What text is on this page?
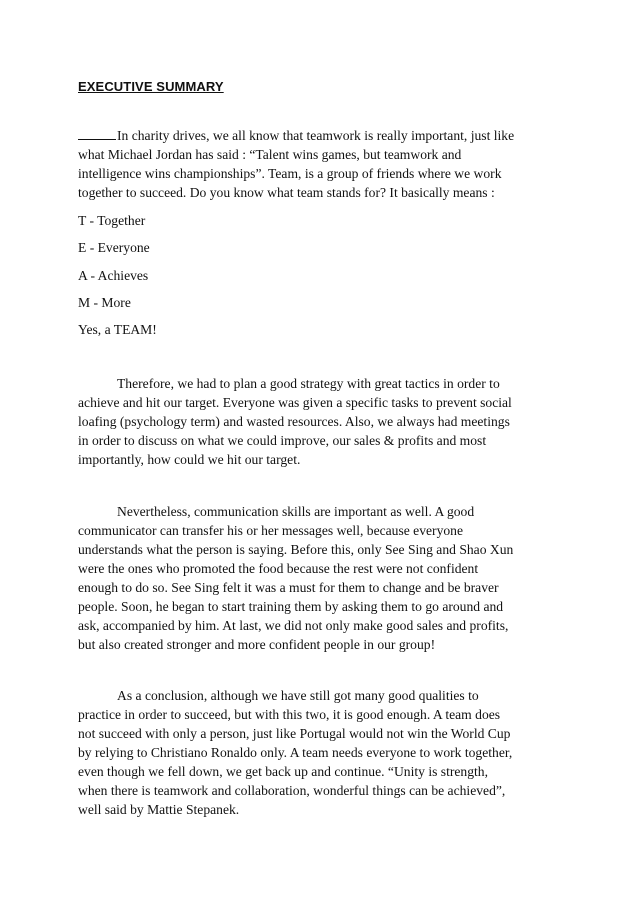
EXECUTIVE SUMMARY
In charity drives, we all know that teamwork is really important, just like
what Michael Jordan has said : “Talent wins games, but teamwork and
intelligence wins championships”. Team, is a group of friends where we work
together to succeed. Do you know what team stands for? It basically means :
T - Together
E - Everyone
A - Achieves
M - More
Yes, a TEAM!
Therefore, we had to plan a good strategy with great tactics in order to
achieve and hit our target. Everyone was given a specific tasks to prevent social
loafing (psychology term) and wasted resources. Also, we always had meetings
in order to discuss on what we could improve, our sales & profits and most
importantly, how could we hit our target.
Nevertheless, communication skills are important as well. A good
communicator can transfer his or her messages well, because everyone
understands what the person is saying. Before this, only See Sing and Shao Xun
were the ones who promoted the food because the rest were not confident
enough to do so. See Sing felt it was a must for them to change and be braver
people. Soon, he began to start training them by asking them to go around and
ask, accompanied by him. At last, we did not only make good sales and profits,
but also created stronger and more confident people in our group!
As a conclusion, although we have still got many good qualities to
practice in order to succeed, but with this two, it is good enough. A team does
not succeed with only a person, just like Portugal would not win the World Cup
by relying to Christiano Ronaldo only. A team needs everyone to work together,
even though we fell down, we get back up and continue. “Unity is strength,
when there is teamwork and collaboration, wonderful things can be achieved”,
well said by Mattie Stepanek.
